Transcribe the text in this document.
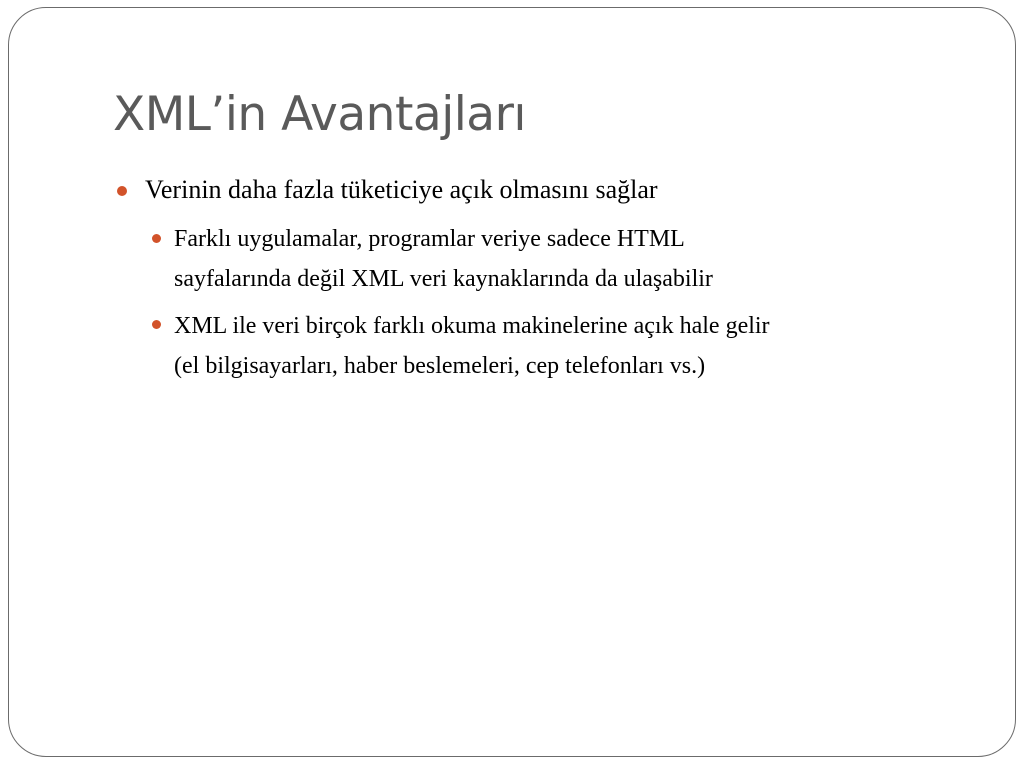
XML’in Avantajları

Verinin daha fazla tüketiciye açık olmasını sağlar

Farklı uygulamalar, programlar veriye sadece HTML
sayfalarında değil XML veri kaynaklarında da ulaşabilir

XML ile veri birçok farklı okuma makinelerine açık hale gelir
(el bilgisayarları, haber beslemeleri, cep telefonları vs.)
